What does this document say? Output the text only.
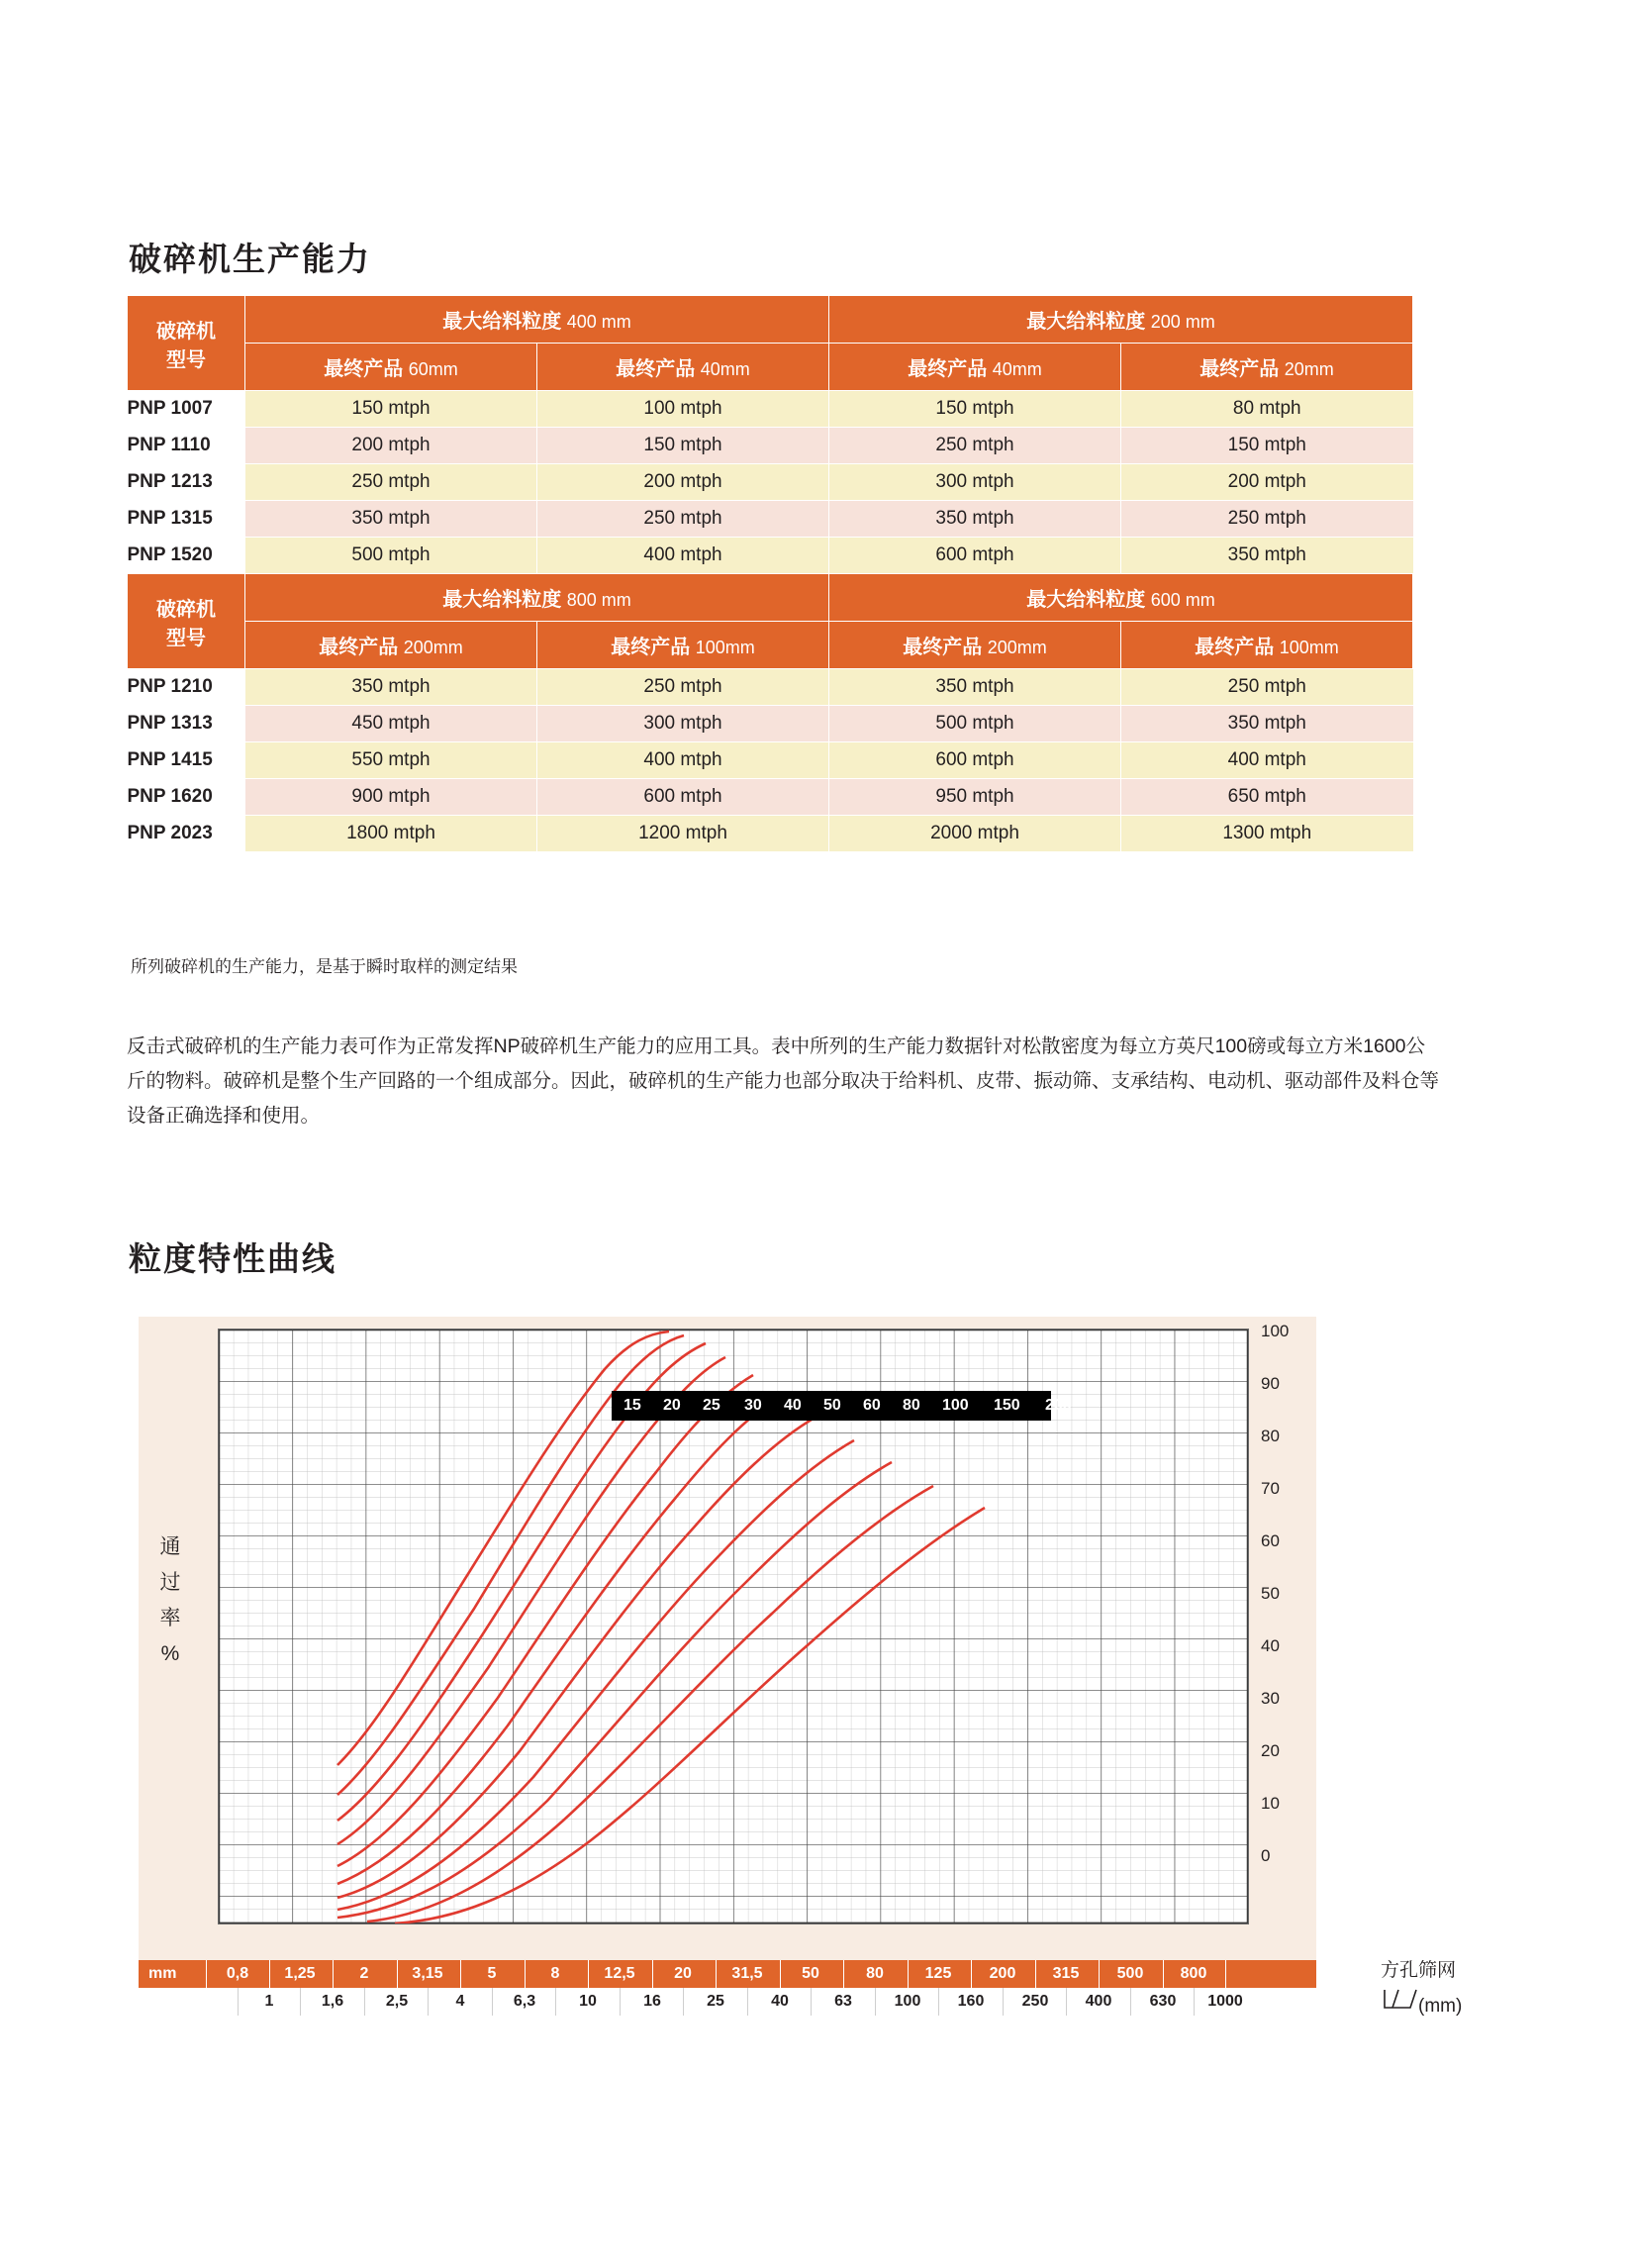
破碎机生产能力
破碎机
型号	最大给料粒度 400 mm		最大给料粒度 200 mm	
	最终产品 60mm	最终产品 40mm	最终产品 40mm	最终产品 20mm
PNP 1007	150 mtph	100 mtph	150 mtph	80 mtph
PNP 1110	200 mtph	150 mtph	250 mtph	150 mtph
PNP 1213	250 mtph	200 mtph	300 mtph	200 mtph
PNP 1315	350 mtph	250 mtph	350 mtph	250 mtph
PNP 1520	500 mtph	400 mtph	600 mtph	350 mtph

破碎机
型号	最大给料粒度 800 mm		最大给料粒度 600 mm	
	最终产品 200mm	最终产品 100mm	最终产品 200mm	最终产品 100mm
PNP 1210	350 mtph	250 mtph	350 mtph	250 mtph
PNP 1313	450 mtph	300 mtph	500 mtph	350 mtph
PNP 1415	550 mtph	400 mtph	600 mtph	400 mtph
PNP 1620	900 mtph	600 mtph	950 mtph	650 mtph
PNP 2023	1800 mtph	1200 mtph	2000 mtph	1300 mtph
所列破碎机的生产能力，是基于瞬时取样的测定结果
反击式破碎机的生产能力表可作为正常发挥NP破碎机生产能力的应用工具。表中所列的生产能力数据针对松散密度为每立方英尺100磅或每立方米1600公斤的物料。破碎机是整个生产回路的一个组成部分。因此，破碎机的生产能力也部分取决于给料机、皮带、振动筛、支承结构、电动机、驱动部件及料仓等设备正确选择和使用。
粒度特性曲线
15 20 25 30 40 50 60 80 100 150 200
通
过
率
%
100
90
80
70
60
50
40
30
20
10
0
mm	0,8 1,25	2	3,15	5	8	12,5 20	31,5 50	80	125 200 315 500 800
1	1,6	2,5	4	6,3	10	16	25	40	63	100 160 250 400 630 1000
方孔筛网
(mm)
